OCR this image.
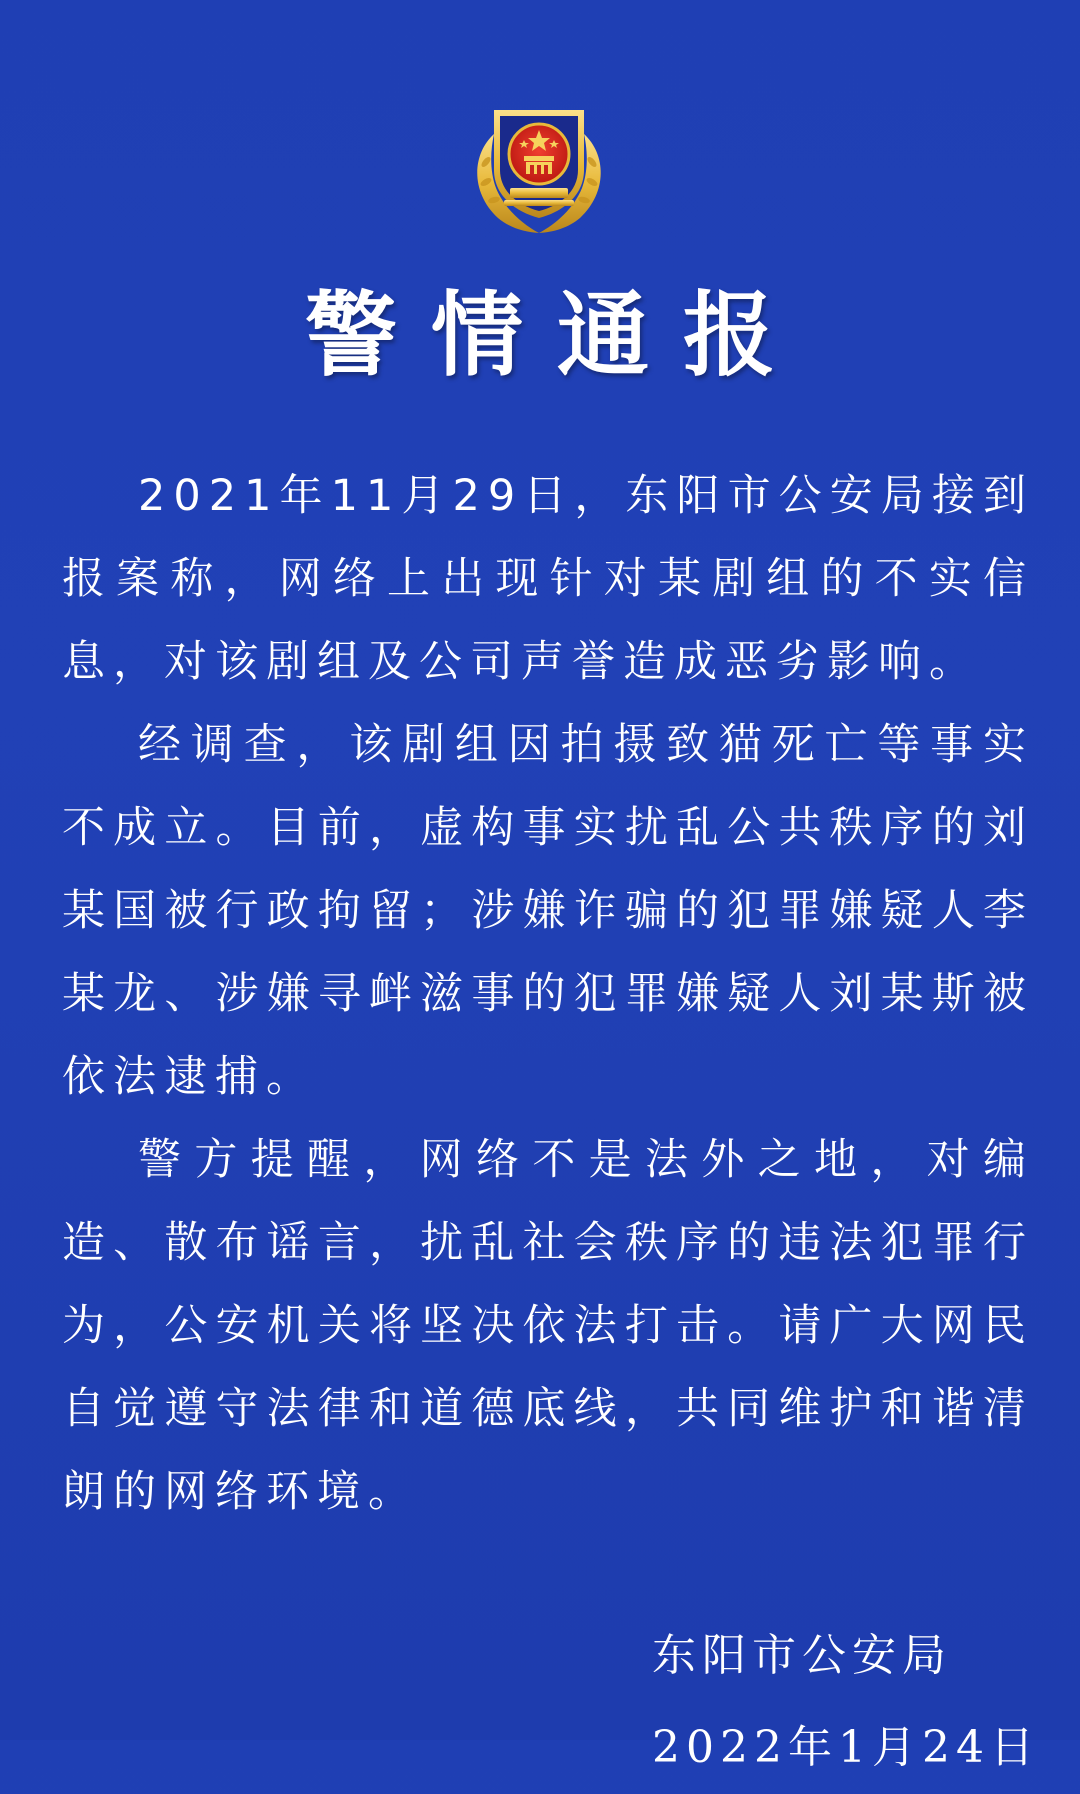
警情通报

2021年11月29日，东阳市公安局接到报案称，网络上出现针对某剧组的不实信息，对该剧组及公司声誉造成恶劣影响。

经调查，该剧组因拍摄致猫死亡等事实不成立。目前，虚构事实扰乱公共秩序的刘某国被行政拘留；涉嫌诈骗的犯罪嫌疑人李某龙、涉嫌寻衅滋事的犯罪嫌疑人刘某斯被依法逮捕。

警方提醒，网络不是法外之地，对编造、散布谣言，扰乱社会秩序的违法犯罪行为，公安机关将坚决依法打击。请广大网民自觉遵守法律和道德底线，共同维护和谐清朗的网络环境。

东阳市公安局
2022年1月24日
